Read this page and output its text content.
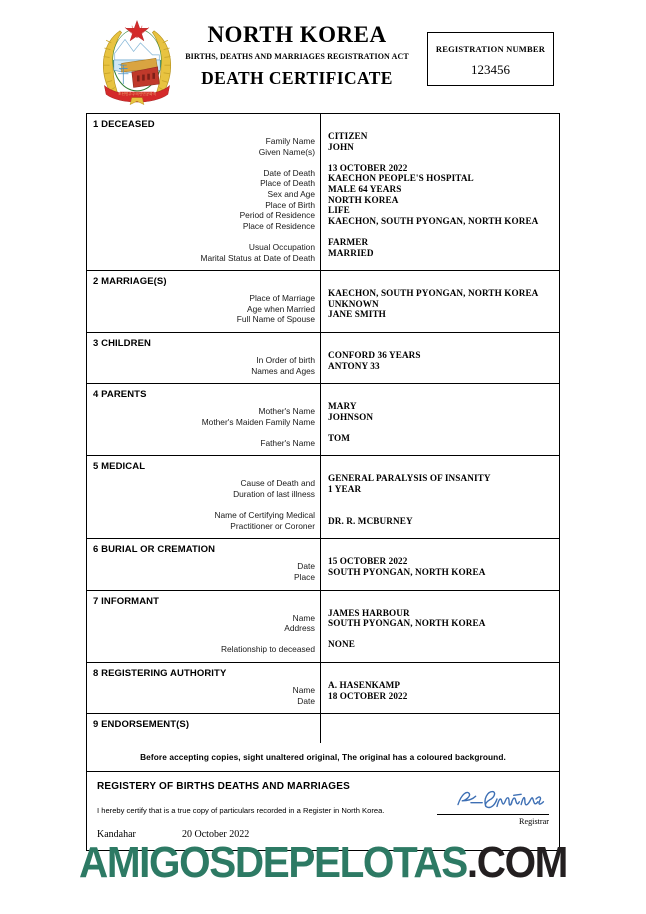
조선민주주의인민공화국
NORTH KOREA
BIRTHS, DEATHS AND MARRIAGES REGISTRATION ACT
DEATH CERTIFICATE
REGISTRATION NUMBER
123456
1 DECEASED
Family Name
Given Name(s)
Date of Death
Place of Death
Sex and Age
Place of Birth
Period of Residence
Place of Residence
Usual Occupation
Marital Status at Date of Death
CITIZEN
JOHN
13 OCTOBER 2022
KAECHON PEOPLE'S HOSPITAL
MALE 64 YEARS
NORTH KOREA
LIFE
KAECHON, SOUTH PYONGAN, NORTH KOREA
FARMER
MARRIED
2 MARRIAGE(S)
Place of Marriage
Age when Married
Full Name of Spouse
KAECHON, SOUTH PYONGAN, NORTH KOREA
UNKNOWN
JANE SMITH
3 CHILDREN
In Order of birth
Names and Ages
CONFORD 36 YEARS
ANTONY 33
4 PARENTS
Mother's Name
Mother's Maiden Family Name
Father's Name
MARY
JOHNSON
TOM
5 MEDICAL
Cause of Death and
Duration of last illness
Name of Certifying Medical
Practitioner or Coroner
GENERAL PARALYSIS OF INSANITY
1 YEAR

DR. R. MCBURNEY
6 BURIAL OR CREMATION
Date
Place
15 OCTOBER 2022
SOUTH PYONGAN, NORTH KOREA
7 INFORMANT
Name
Address
Relationship to deceased
JAMES HARBOUR
SOUTH PYONGAN, NORTH KOREA
NONE
8 REGISTERING AUTHORITY
Name
Date
A. HASENKAMP
18 OCTOBER 2022
9 ENDORSEMENT(S)
Before accepting copies, sight unaltered original, The original has a coloured background.
REGISTERY OF BIRTHS DEATHS AND MARRIAGES
I hereby certify that is a true copy of particulars recorded in a Register in North Korea.
Kandahar	20 October 2022
Registrar
AMIGOSDEPELOTAS.COM
